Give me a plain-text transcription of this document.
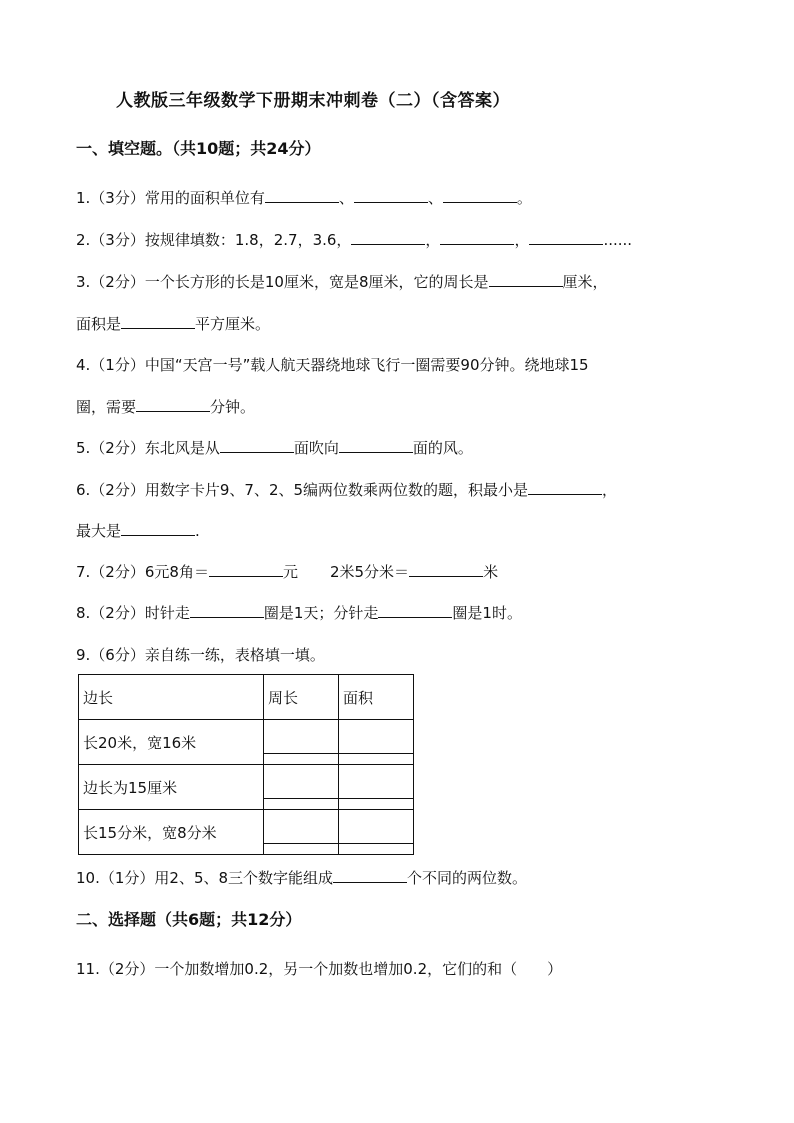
人教版三年级数学下册期末冲刺卷（二）（含答案）
一、填空题。（共10题；共24分）
1.（3分）常用的面积单位有	、	、	。
2.（3分）按规律填数：1.8，2.7，3.6，	，	，	......
3.（2分）一个长方形的长是10厘米，宽是8厘米，它的周长是	厘米，
面积是	平方厘米。
4.（1分）中国“天宫一号”载人航天器绕地球飞行一圈需要90分钟。绕地球15
圈，需要	分钟。
5.（2分）东北风是从	面吹向	面的风。
6.（2分）用数字卡片9、7、2、5编两位数乘两位数的题，积最小是	，
最大是	.
7.（2分）6元8角＝	元 2米5分米＝	米
8.（2分）时针走	圈是1天；分针走	圈是1时。
9.（6分）亲自练一练，表格填一填。
边长	周长	面积
长20米，宽16米	

边长为15厘米	

长15分米，宽8分米	

10.（1分）用2、5、8三个数字能组成	个不同的两位数。
二、选择题（共6题；共12分）
11.（2分）一个加数增加0.2，另一个加数也增加0.2，它们的和（　　）
